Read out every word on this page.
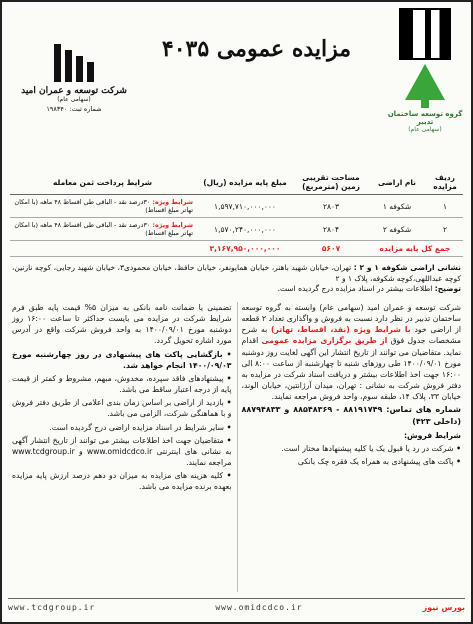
گروه توسعه ساختمان
تدبیر
(سهامی عام)
مزایده عمومی ۴۰۳۵
شرکت توسعه و عمران امید
(سهامی عام)
شماره ثبت: ۱۹۸۳۴۰
ردیف مزایده	نام اراضی	مساحت تقریبی زمین (مترمربع)	مبلغ پایه مزایده (ریال)	شرایط پرداخت ثمن معامله
۱	شکوفه ۱	۲۸۰۳	۱,۵۹۷,۷۱۰,۰۰۰,۰۰۰	شرایط ویژه: ۳۰درصد نقد - الباقی طی اقساط ۴۸ ماهه (با امکان تهاتر مبلغ اقساط)
۲	شکوفه ۲	۲۸۰۴	۱,۵۷۰,۲۴۰,۰۰۰,۰۰۰	شرایط ویژه: ۳۰درصد نقد - الباقی طی اقساط ۴۸ ماهه (با امکان تهاتر مبلغ اقساط)
جمع کل پایه مزایده		۵۶۰۷	۳,۱۶۷,۹۵۰,۰۰۰,۰۰۰	
نشانی اراضی شکوفه ۱ و ۲ : تهران، خیابان شهید باهنر، خیابان همایونفر، خیابان حافظ، خیابان محمودی۳، خیابان شهید رجایی، کوچه نازنین، کوچه عبداللهی،کوچه شکوفه، پلاک ۱ و ۲
توضیح: اطلاعات بیشتر در اسناد مزایده درج گردیده است.

شرکت توسعه و عمران امید (سهامی عام) وابسته به گروه توسعه ساختمان تدبیر در نظر دارد نسبت به فروش و واگذاری تعداد ۲ قطعه از اراضی خود با شرایط ویژه (نقد، اقساط، تهاتر) به شرح مشخصات جدول فوق از طریق برگزاری مزایده عمومی اقدام نماید. متقاضیان می توانند از تاریخ انتشار این آگهی لغایت روز دوشنبه مورخ ۱۴۰۰/۰۹/۰۱ طی روزهای شنبه تا چهارشنبه از ساعت ۸:۰۰ الی ۱۶:۰۰ جهت اخذ اطلاعات بیشتر و دریافت اسناد شرکت در مزایده به دفتر فروش شرکت به نشانی : تهران، میدان آرژانتین، خیابان الوند، خیابان ۳۳، پلاک ۱۴، طبقه سوم، واحد فروش مراجعه نمایند.

شماره های تماس: ۸۸۱۹۱۷۴۹ - ۸۸۵۴۸۳۶۹ و ۸۸۷۹۴۸۳۳ (داخلی ۴۲۳)

شرایط فروش:

• شرکت در رد یا قبول یک یا کلیه پیشنهادها مختار است.

• پاکت های پیشنهادی به همراه یک فقره چک بانکی

تضمینی یا ضمانت نامه بانکی به میزان ۵% قیمت پایه طبق فرم شرایط شرکت در مزایده می بایست حداکثر تا ساعت ۱۶:۰۰ روز دوشنبه مورخ ۱۴۰۰/۰۹/۰۱ به واحد فروش شرکت واقع در آدرس مورد اشاره تحویل گردد.

• بازگشایی پاکت های پیشنهادی در روز چهارشنبه مورخ ۱۴۰۰/۰۹/۰۳ انجام خواهد شد.

• پیشنهادهای فاقد سپرده، مخدوش، مبهم، مشروط و کمتر از قیمت پایه از درجه اعتبار ساقط می باشد.

• بازدید از اراضی بر اساس زمان بندی اعلامی از طریق دفتر فروش و با هماهنگی شرکت، الزامی می باشد.

• سایر شرایط در اسناد مزایده اراضی درج گردیده است.

• متقاضیان جهت اخذ اطلاعات بیشتر می توانند از تاریخ انتشار آگهی به نشانی های اینترنتی www.omidcdco.ir و www.tcdgroup.ir مراجعه نمایند.

• کلیه هزینه های مزایده به میزان دو دهم درصد ارزش پایه مزایده بعهده برنده مزایده می باشد.

بورس نیوز
www.omidcdco.ir
www.tcdgroup.ir
